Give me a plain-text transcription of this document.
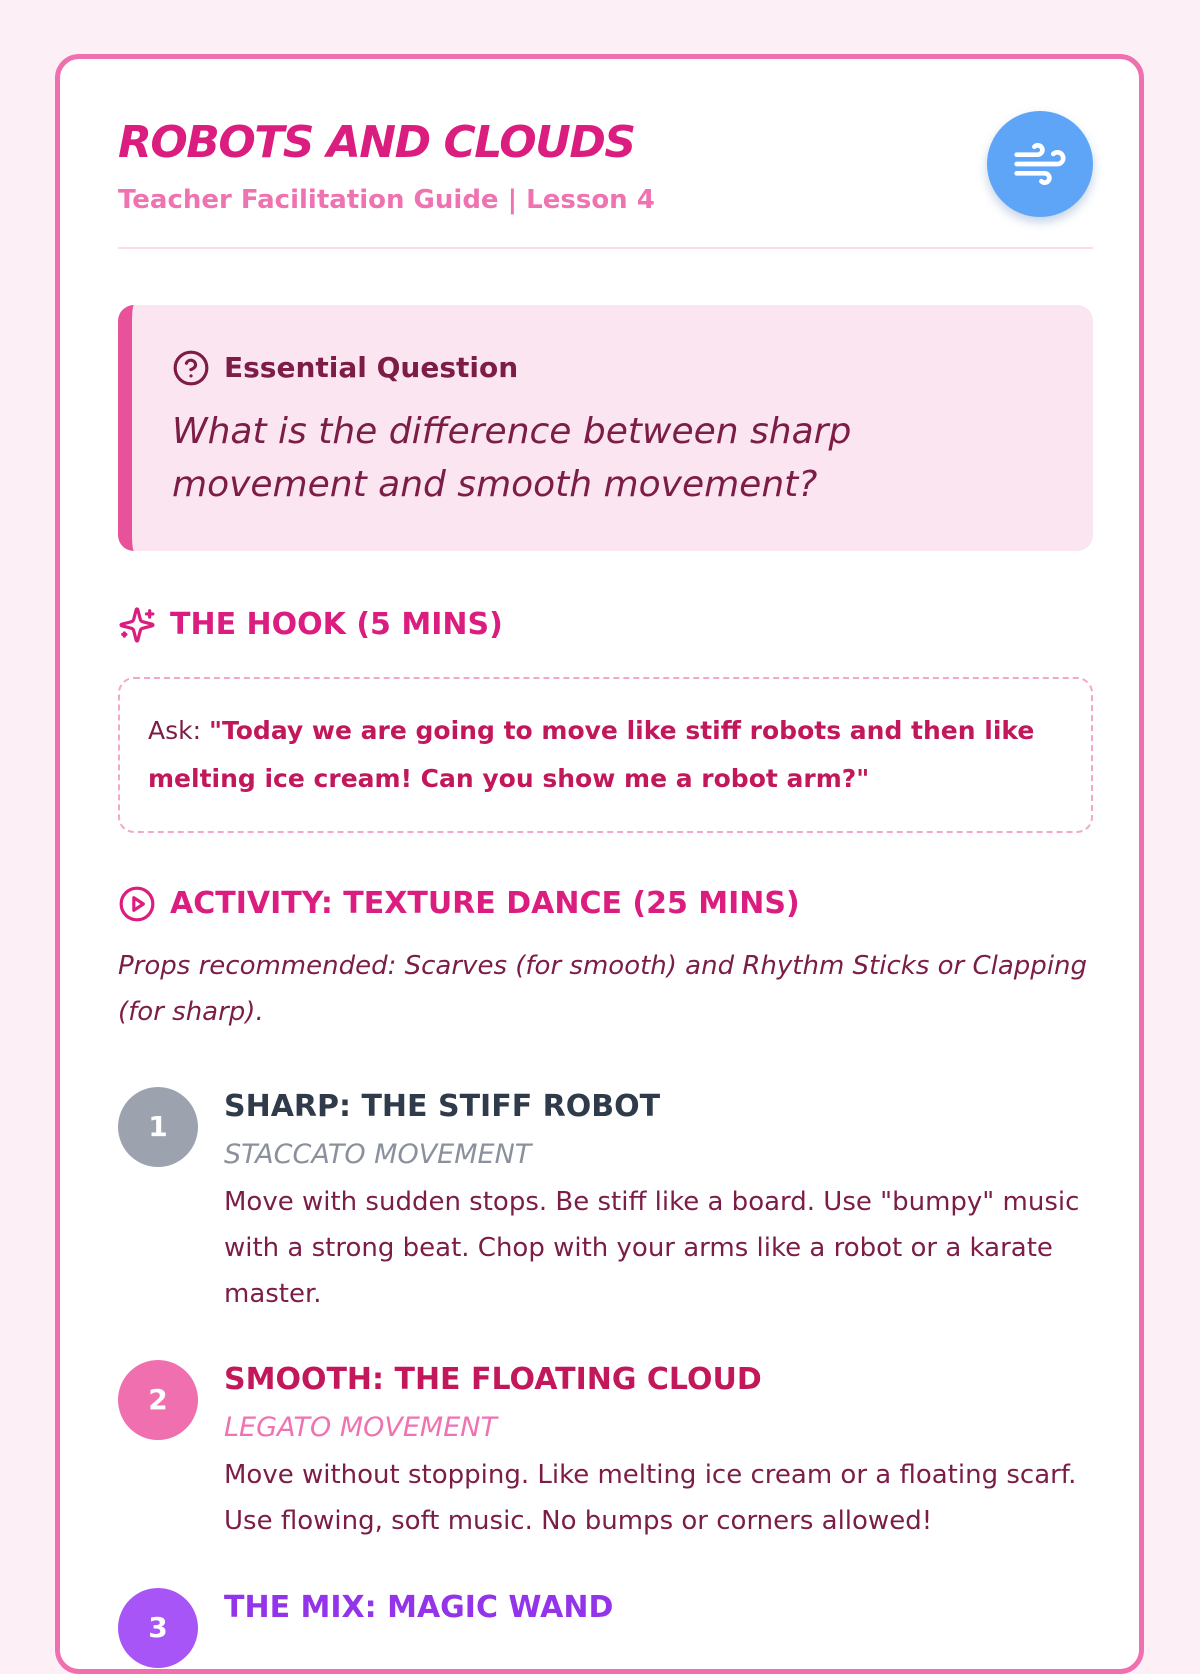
ROBOTS AND CLOUDS
Teacher Facilitation Guide | Lesson 4
Essential Question

What is the difference between sharp movement and smooth movement?

THE HOOK (5 MINS)
Ask: "Today we are going to move like stiff robots and then like melting ice cream! Can you show me a robot arm?"
ACTIVITY: TEXTURE DANCE (25 MINS)

Props recommended: Scarves (for smooth) and Rhythm Sticks or Clapping (for sharp).

1
SHARP: THE STIFF ROBOT
STACCATO MOVEMENT

Move with sudden stops. Be stiff like a board. Use "bumpy" music with a strong beat. Chop with your arms like a robot or a karate master.

2
SMOOTH: THE FLOATING CLOUD
LEGATO MOVEMENT

Move without stopping. Like melting ice cream or a floating scarf. Use flowing, soft music. No bumps or corners allowed!

3
THE MIX: MAGIC WAND
